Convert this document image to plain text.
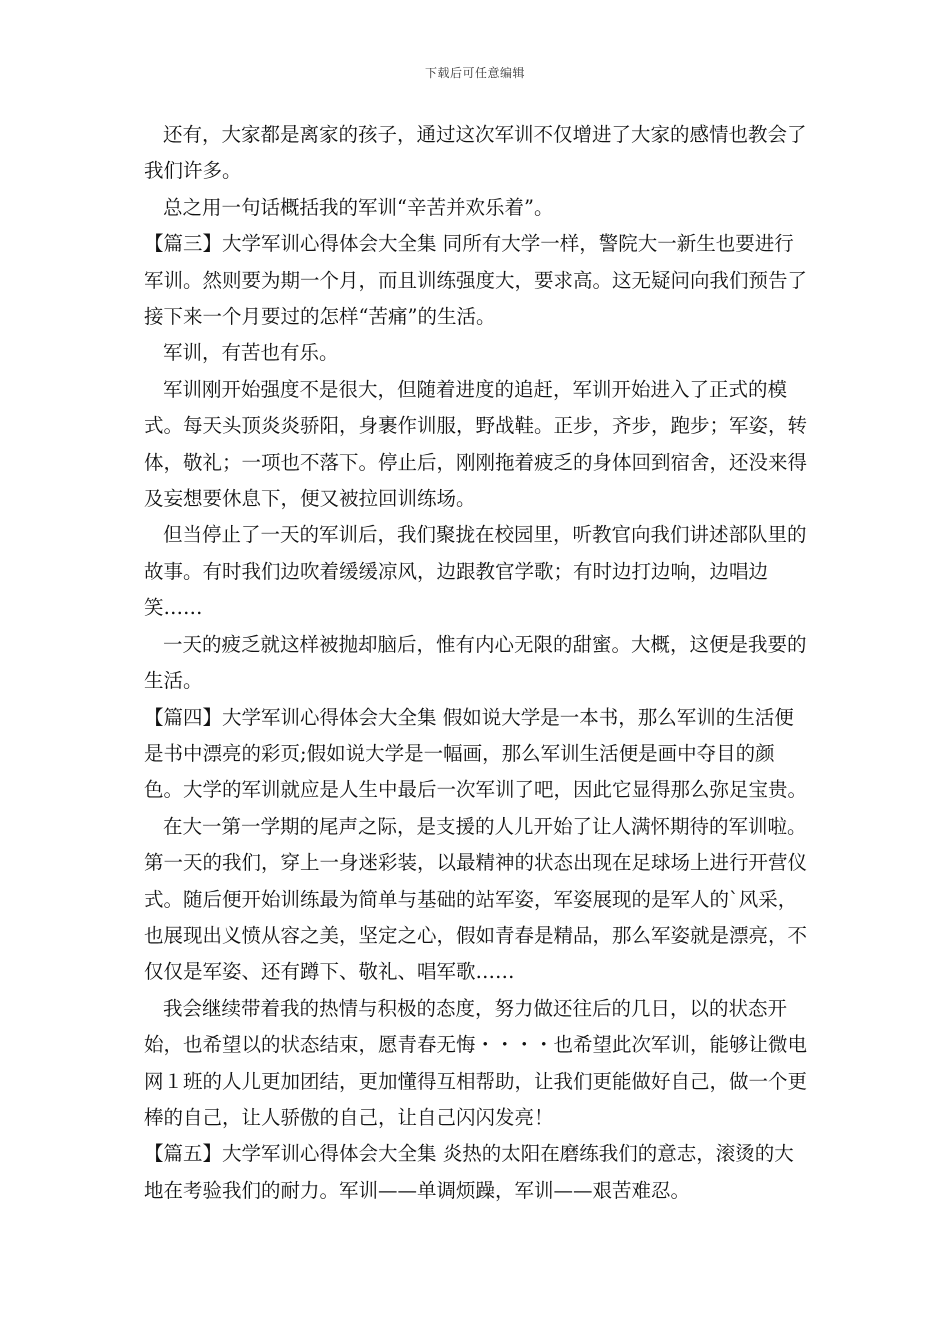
下载后可任意编辑

还有，大家都是离家的孩子，通过这次军训不仅增进了大家的感情也教会了我们许多。

总之用一句话概括我的军训“辛苦并欢乐着”。

【篇三】大学军训心得体会大全集 同所有大学一样，警院大一新生也要进行军训。然则要为期一个月，而且训练强度大，要求高。这无疑问向我们预告了接下来一个月要过的怎样“苦痛”的生活。

军训，有苦也有乐。

军训刚开始强度不是很大，但随着进度的追赶，军训开始进入了正式的模式。每天头顶炎炎骄阳，身裹作训服，野战鞋。正步，齐步，跑步；军姿，转体，敬礼；一项也不落下。停止后，刚刚拖着疲乏的身体回到宿舍，还没来得及妄想要休息下，便又被拉回训练场。

但当停止了一天的军训后，我们聚拢在校园里，听教官向我们讲述部队里的故事。有时我们边吹着缓缓凉风，边跟教官学歌；有时边打边响，边唱边笑……

一天的疲乏就这样被抛却脑后，惟有内心无限的甜蜜。大概，这便是我要的生活。

【篇四】大学军训心得体会大全集 假如说大学是一本书，那么军训的生活便是书中漂亮的彩页;假如说大学是一幅画，那么军训生活便是画中夺目的颜色。大学的军训就应是人生中最后一次军训了吧，因此它显得那么弥足宝贵。

在大一第一学期的尾声之际，是支援的人儿开始了让人满怀期待的军训啦。第一天的我们，穿上一身迷彩装，以最精神的状态出现在足球场上进行开营仪式。随后便开始训练最为简单与基础的站军姿，军姿展现的是军人的`风采，也展现出义愤从容之美，坚定之心，假如青春是精品，那么军姿就是漂亮，不仅仅是军姿、还有蹲下、敬礼、唱军歌……

我会继续带着我的热情与积极的态度，努力做还往后的几日，以的状态开始，也希望以的状态结束，愿青春无悔・・・・也希望此次军训，能够让微电网１班的人儿更加团结，更加懂得互相帮助，让我们更能做好自己，做一个更棒的自己，让人骄傲的自己，让自己闪闪发亮！

【篇五】大学军训心得体会大全集 炎热的太阳在磨练我们的意志，滚烫的大地在考验我们的耐力。军训——单调烦躁，军训——艰苦难忍。
